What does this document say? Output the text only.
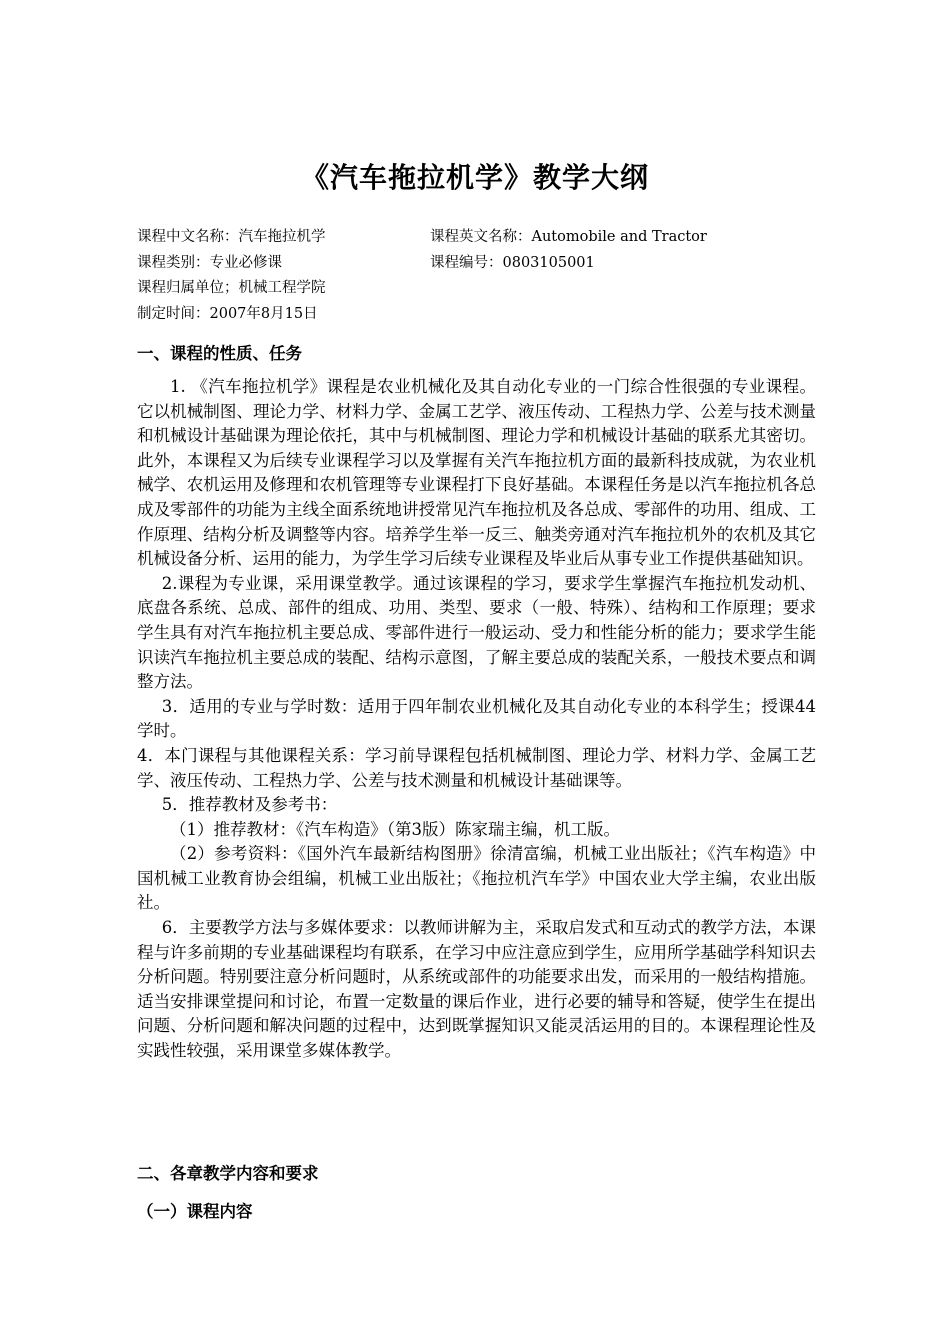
《汽车拖拉机学》教学大纲
课程中文名称：汽车拖拉机学	课程英文名称：Automobile and Tractor
课程类别：专业必修课	课程编号：0803105001
课程归属单位；机械工程学院
制定时间：2007年8月15日
一、课程的性质、任务

1. 《汽车拖拉机学》课程是农业机械化及其自动化专业的一门综合性很强的专业课程。它以机械制图、理论力学、材料力学、金属工艺学、液压传动、工程热力学、公差与技术测量和机械设计基础课为理论依托，其中与机械制图、理论力学和机械设计基础的联系尤其密切。此外，本课程又为后续专业课程学习以及掌握有关汽车拖拉机方面的最新科技成就，为农业机械学、农机运用及修理和农机管理等专业课程打下良好基础。本课程任务是以汽车拖拉机各总成及零部件的功能为主线全面系统地讲授常见汽车拖拉机及各总成、零部件的功用、组成、工作原理、结构分析及调整等内容。培养学生举一反三、触类旁通对汽车拖拉机外的农机及其它机械设备分析、运用的能力，为学生学习后续专业课程及毕业后从事专业工作提供基础知识。

2.课程为专业课，采用课堂教学。通过该课程的学习，要求学生掌握汽车拖拉机发动机、底盘各系统、总成、部件的组成、功用、类型、要求（一般、特殊）、结构和工作原理；要求学生具有对汽车拖拉机主要总成、零部件进行一般运动、受力和性能分析的能力；要求学生能识读汽车拖拉机主要总成的装配、结构示意图，了解主要总成的装配关系，一般技术要点和调整方法。

3．适用的专业与学时数：适用于四年制农业机械化及其自动化专业的本科学生；授课44学时。

4．本门课程与其他课程关系：学习前导课程包括机械制图、理论力学、材料力学、金属工艺学、液压传动、工程热力学、公差与技术测量和机械设计基础课等。

5．推荐教材及参考书：

（1）推荐教材：《汽车构造》（第3版）陈家瑞主编，机工版。

（2）参考资料：《国外汽车最新结构图册》徐清富编，机械工业出版社；《汽车构造》中国机械工业教育协会组编，机械工业出版社；《拖拉机汽车学》中国农业大学主编，农业出版社。

6．主要教学方法与多媒体要求：以教师讲解为主，采取启发式和互动式的教学方法，本课程与许多前期的专业基础课程均有联系，在学习中应注意应到学生，应用所学基础学科知识去分析问题。特别要注意分析问题时，从系统或部件的功能要求出发，而采用的一般结构措施。适当安排课堂提问和讨论，布置一定数量的课后作业，进行必要的辅导和答疑，使学生在提出问题、分析问题和解决问题的过程中，达到既掌握知识又能灵活运用的目的。本课程理论性及实践性较强，采用课堂多媒体教学。

二、各章教学内容和要求
（一）课程内容
